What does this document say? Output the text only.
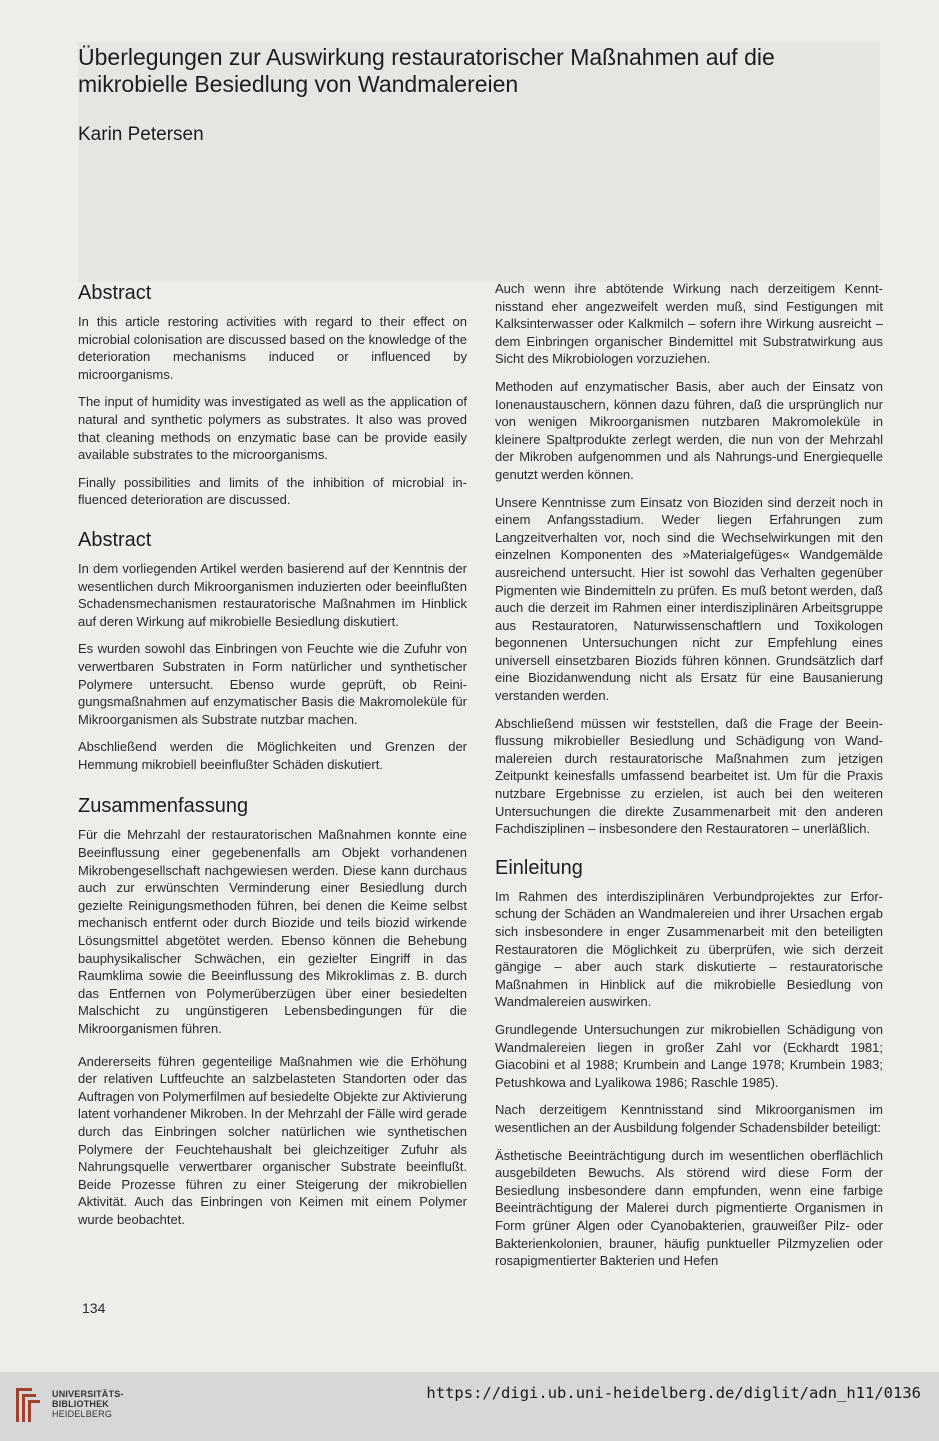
Überlegungen zur Auswirkung restauratorischer Maßnahmen auf die mikrobielle Besiedlung von Wandmalereien
Karin Petersen
Abstract

In this article restoring activities with regard to their effect on microbial colonisation are discussed based on the knowledge of the deterioration mechanisms induced or influenced by microorganisms.

The input of humidity was investigated as well as the application of natural and synthetic polymers as substrates. It also was proved that cleaning methods on enzymatic base can be provide easily available substrates to the microorganisms.

Finally possibilities and limits of the inhibition of microbial influenced deterioration are discussed.

Abstract

In dem vorliegenden Artikel werden basierend auf der Kenntnis der wesentlichen durch Mikroorganismen induzierten oder beeinflußten Schadensmechanismen restauratorische Maßnahmen im Hinblick auf deren Wirkung auf mikrobielle Besiedlung diskutiert.

Es wurden sowohl das Einbringen von Feuchte wie die Zufuhr von verwertbaren Substraten in Form natürlicher und synthetischer Polymere untersucht. Ebenso wurde geprüft, ob Reinigungsmaßnahmen auf enzymatischer Basis die Makromoleküle für Mikroorganismen als Substrate nutzbar machen.

Abschließend werden die Möglichkeiten und Grenzen der Hemmung mikrobiell beeinflußter Schäden diskutiert.

Zusammenfassung

Für die Mehrzahl der restauratorischen Maßnahmen konnte eine Beeinflussung einer gegebenenfalls am Objekt vorhandenen Mikrobengesellschaft nachgewiesen werden. Diese kann durchaus auch zur erwünschten Verminderung einer Besiedlung durch gezielte Reinigungsmethoden führen, bei denen die Keime selbst mechanisch entfernt oder durch Biozide und teils biozid wirkende Lösungsmittel abgetötet werden. Ebenso können die Behebung bauphysikalischer Schwächen, ein gezielter Eingriff in das Raumklima sowie die Beeinflussung des Mikroklimas z. B. durch das Entfernen von Polymerüberzügen über einer besiedelten Malschicht zu ungünstigeren Lebensbedingungen für die Mikroorganismen führen.

Andererseits führen gegenteilige Maßnahmen wie die Erhöhung der relativen Luftfeuchte an salzbelasteten Standorten oder das Auftragen von Polymerfilmen auf besiedelte Objekte zur Aktivierung latent vorhandener Mikroben. In der Mehrzahl der Fälle wird gerade durch das Einbringen solcher natürlichen wie synthetischen Polymere der Feuchtehaushalt bei gleichzeitiger Zufuhr als Nahrungsquelle verwertbarer organischer Substrate beeinflußt. Beide Prozesse führen zu einer Steigerung der mikrobiellen Aktivität. Auch das Einbringen von Keimen mit einem Polymer wurde beobachtet.

Auch wenn ihre abtötende Wirkung nach derzeitigem Kenntnisstand eher angezweifelt werden muß, sind Festigungen mit Kalksinterwasser oder Kalkmilch – sofern ihre Wirkung ausreicht – dem Einbringen organischer Bindemittel mit Substratwirkung aus Sicht des Mikrobiologen vorzuziehen.

Methoden auf enzymatischer Basis, aber auch der Einsatz von Ionenaustauschern, können dazu führen, daß die ursprünglich nur von wenigen Mikroorganismen nutzbaren Makromoleküle in kleinere Spaltprodukte zerlegt werden, die nun von der Mehrzahl der Mikroben aufgenommen und als Nahrungs-und Energiequelle genutzt werden können.

Unsere Kenntnisse zum Einsatz von Bioziden sind derzeit noch in einem Anfangsstadium. Weder liegen Erfahrungen zum Langzeitverhalten vor, noch sind die Wechselwirkungen mit den einzelnen Komponenten des »Materialgefüges« Wandgemälde ausreichend untersucht. Hier ist sowohl das Verhalten gegenüber Pigmenten wie Bindemitteln zu prüfen. Es muß betont werden, daß auch die derzeit im Rahmen einer interdisziplinären Arbeitsgruppe aus Restauratoren, Naturwissenschaftlern und Toxikologen begonnenen Untersuchungen nicht zur Empfehlung eines universell einsetzbaren Biozids führen können. Grundsätzlich darf eine Biozidanwendung nicht als Ersatz für eine Bausanierung verstanden werden.

Abschließend müssen wir feststellen, daß die Frage der Beeinflussung mikrobieller Besiedlung und Schädigung von Wandmalereien durch restauratorische Maßnahmen zum jetzigen Zeitpunkt keinesfalls umfassend bearbeitet ist. Um für die Praxis nutzbare Ergebnisse zu erzielen, ist auch bei den weiteren Untersuchungen die direkte Zusammenarbeit mit den anderen Fachdisziplinen – insbesondere den Restauratoren – unerläßlich.

Einleitung

Im Rahmen des interdisziplinären Verbundprojektes zur Erforschung der Schäden an Wandmalereien und ihrer Ursachen ergab sich insbesondere in enger Zusammenarbeit mit den beteiligten Restauratoren die Möglichkeit zu überprüfen, wie sich derzeit gängige – aber auch stark diskutierte – restauratorische Maßnahmen in Hinblick auf die mikrobielle Besiedlung von Wandmalereien auswirken.

Grundlegende Untersuchungen zur mikrobiellen Schädigung von Wandmalereien liegen in großer Zahl vor (Eckhardt 1981; Giacobini et al 1988; Krumbein and Lange 1978; Krumbein 1983; Petushkowa and Lyalikowa 1986; Raschle 1985).

Nach derzeitigem Kenntnisstand sind Mikroorganismen im wesentlichen an der Ausbildung folgender Schadensbilder beteiligt:

Ästhetische Beeinträchtigung durch im wesentlichen oberflächlich ausgebildeten Bewuchs. Als störend wird diese Form der Besiedlung insbesondere dann empfunden, wenn eine farbige Beeinträchtigung der Malerei durch pigmentierte Organismen in Form grüner Algen oder Cyanobakterien, grauweißer Pilz- oder Bakterienkolonien, brauner, häufig punktueller Pilzmyzelien oder rosapigmentierter Bakterien und Hefen

134
UNIVERSITÄTS-
BIBLIOTHEK
HEIDELBERG
https://digi.ub.uni-heidelberg.de/diglit/adn_h11/0136
